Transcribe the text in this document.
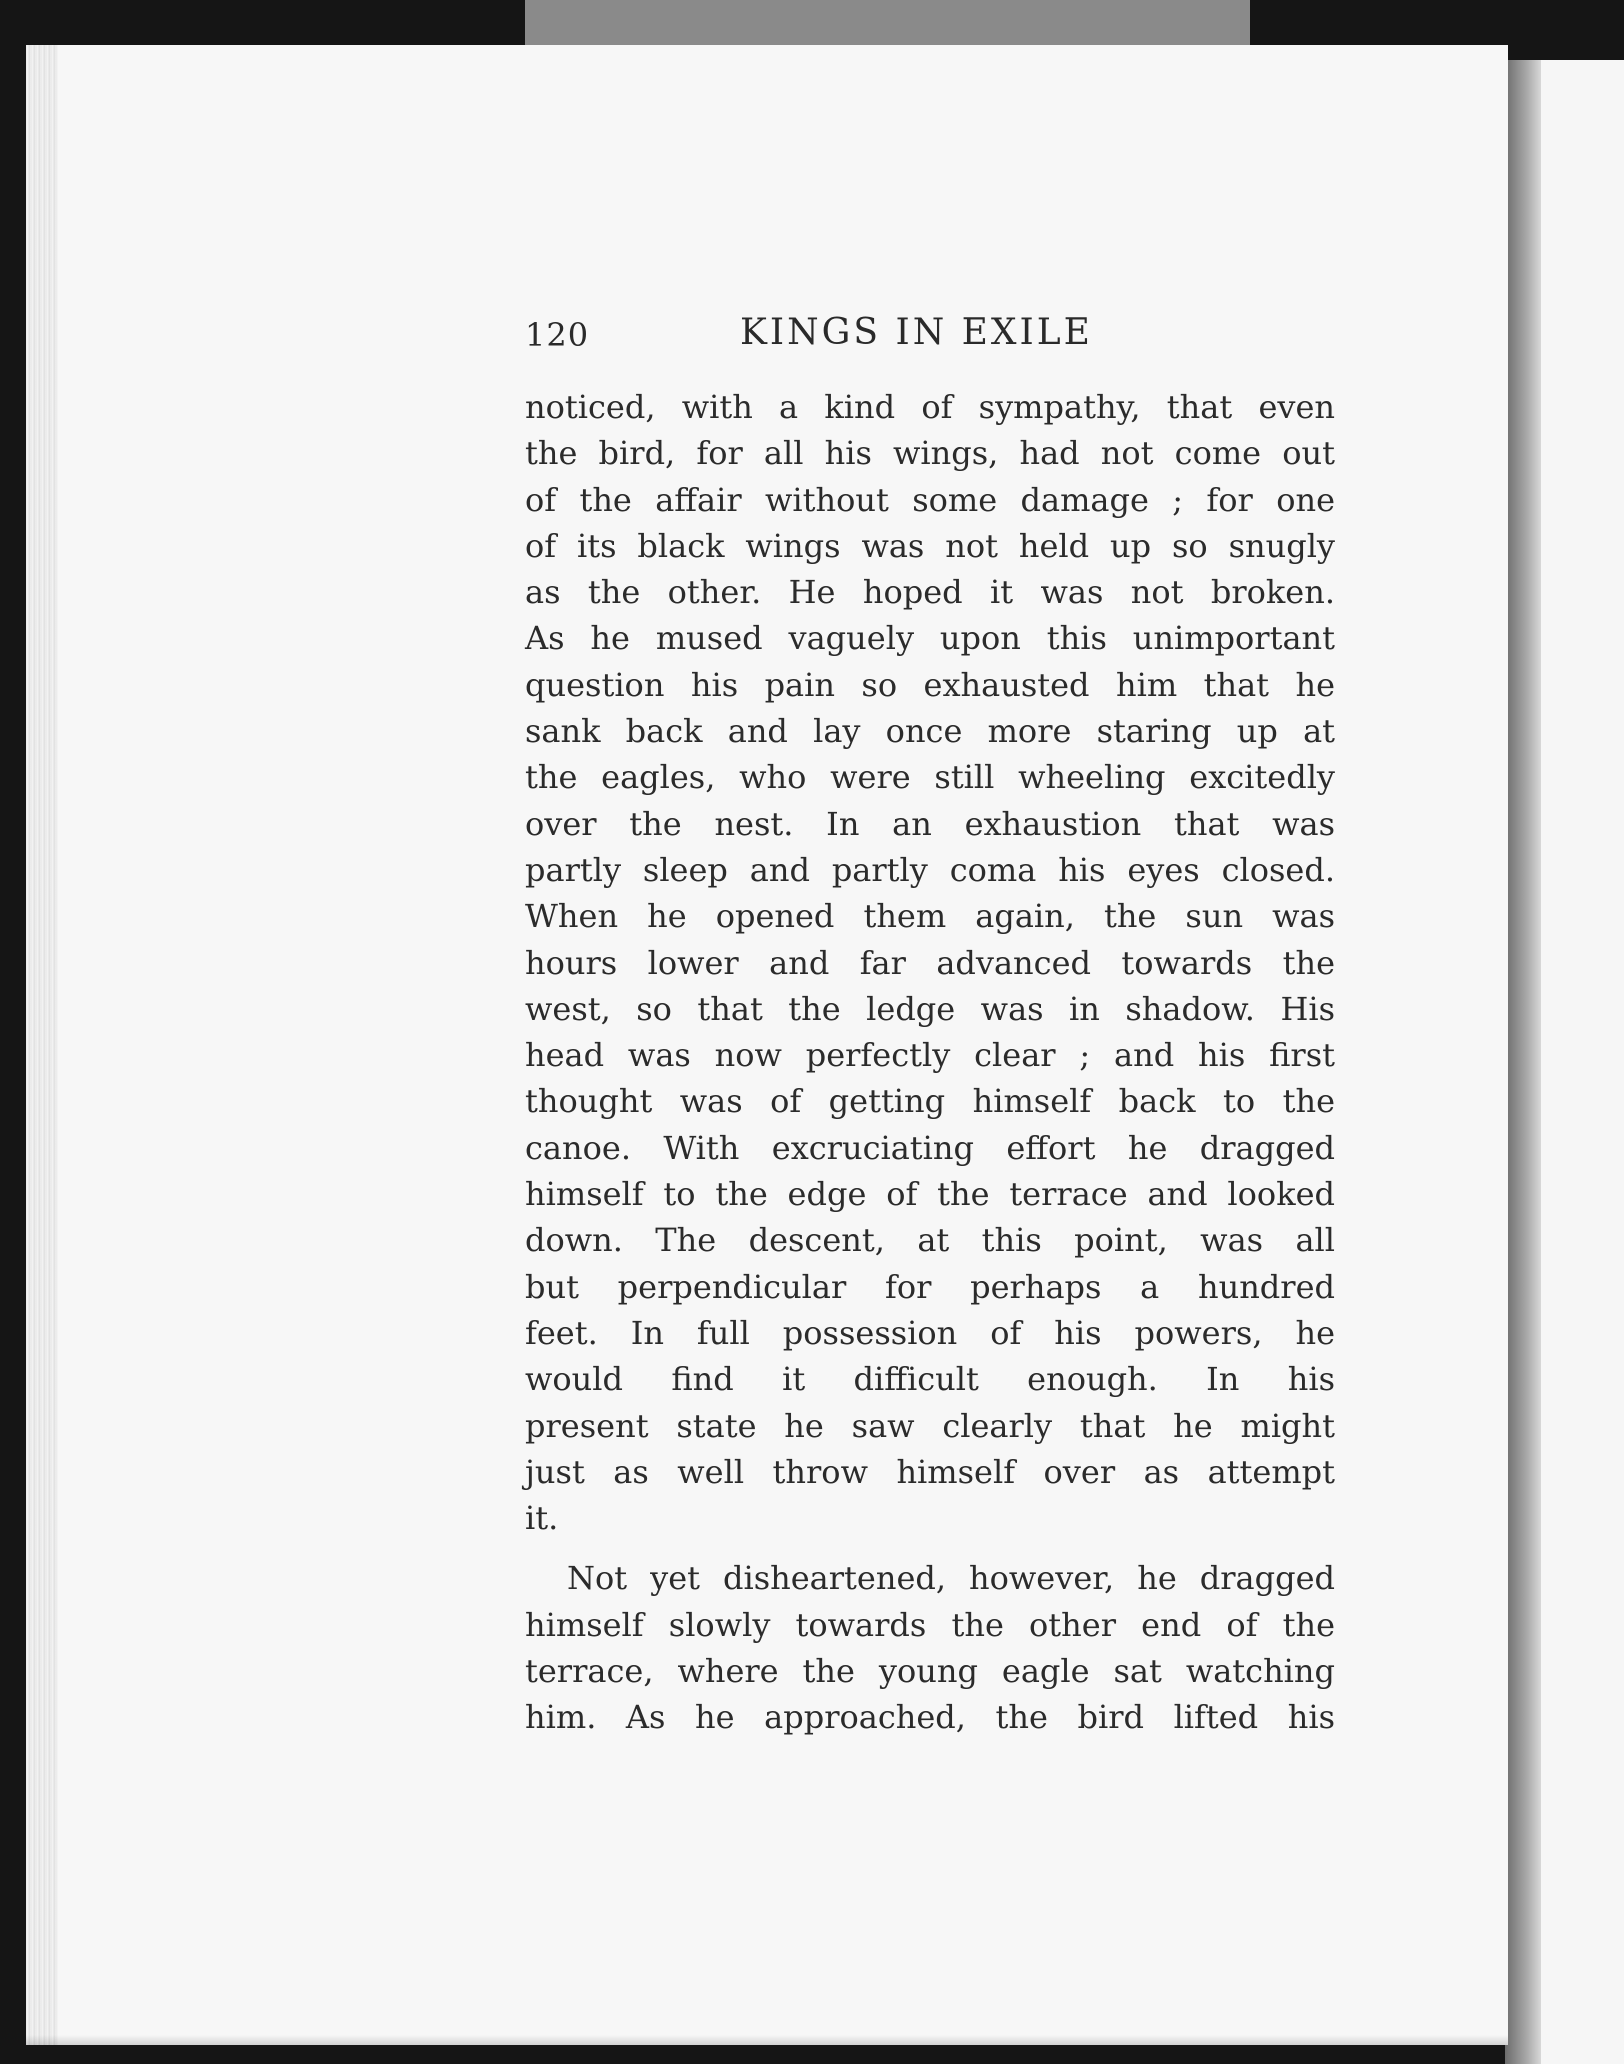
120	KINGS IN EXILE
noticed, with a kind of sympathy, that even
the bird, for all his wings, had not come out
of the affair without some damage ; for one
of its black wings was not held up so snugly
as the other. He hoped it was not broken.
As he mused vaguely upon this unimportant
question his pain so exhausted him that he
sank back and lay once more staring up at
the eagles, who were still wheeling excitedly
over the nest. In an exhaustion that was
partly sleep and partly coma his eyes closed.
When he opened them again, the sun was
hours lower and far advanced towards the
west, so that the ledge was in shadow. His
head was now perfectly clear ; and his first
thought was of getting himself back to the
canoe. With excruciating effort he dragged
himself to the edge of the terrace and looked
down. The descent, at this point, was all
but perpendicular for perhaps a hundred
feet. In full possession of his powers, he
would find it difficult enough. In his
present state he saw clearly that he might
just as well throw himself over as attempt
it.
Not yet disheartened, however, he dragged
himself slowly towards the other end of the
terrace, where the young eagle sat watching
him. As he approached, the bird lifted his
